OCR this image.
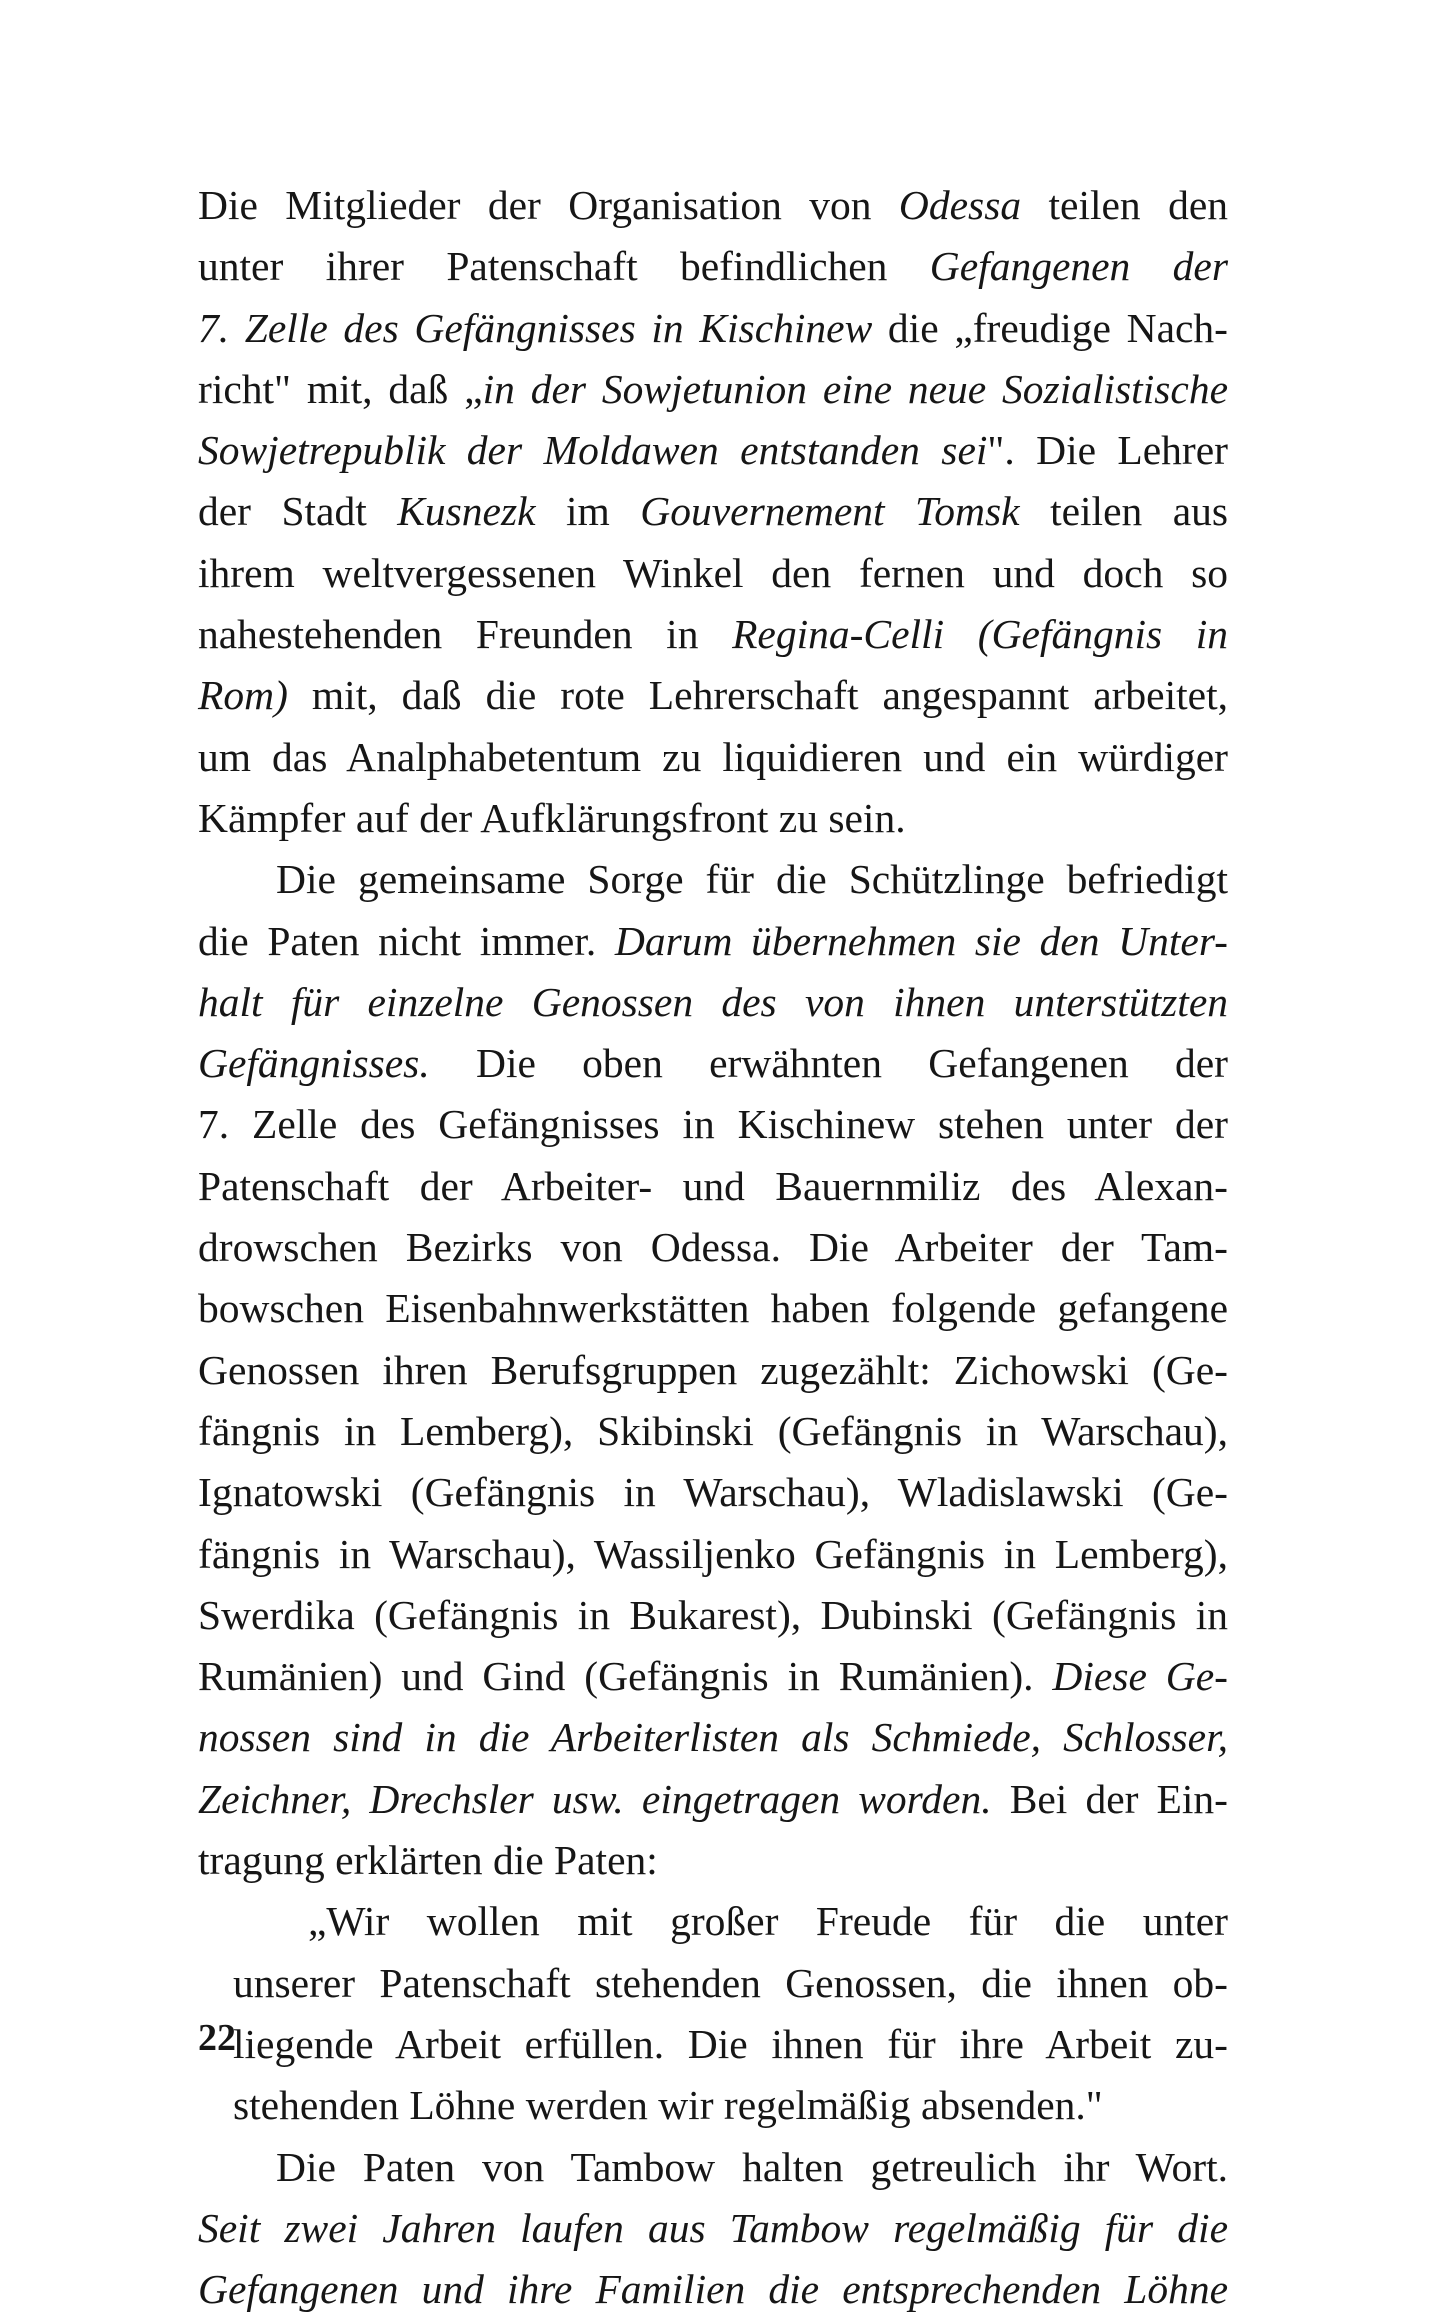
Die Mitglieder der Organisation von Odessa teilen den
unter ihrer Patenschaft befindlichen Gefangenen der
7. Zelle des Gefängnisses in Kischinew die „freudige Nach-
richt" mit, daß „in der Sowjetunion eine neue Sozialistische
Sowjetrepublik der Moldawen entstanden sei". Die Lehrer
der Stadt Kusnezk im Gouvernement Tomsk teilen aus
ihrem weltvergessenen Winkel den fernen und doch so
nahestehenden Freunden in Regina-Celli (Gefängnis in
Rom) mit, daß die rote Lehrerschaft angespannt arbeitet,
um das Analphabetentum zu liquidieren und ein würdiger
Kämpfer auf der Aufklärungsfront zu sein.
Die gemeinsame Sorge für die Schützlinge befriedigt
die Paten nicht immer. Darum übernehmen sie den Unter-
halt für einzelne Genossen des von ihnen unterstützten
Gefängnisses. Die oben erwähnten Gefangenen der
7. Zelle des Gefängnisses in Kischinew stehen unter der
Patenschaft der Arbeiter- und Bauernmiliz des Alexan-
drowschen Bezirks von Odessa. Die Arbeiter der Tam-
bowschen Eisenbahnwerkstätten haben folgende gefangene
Genossen ihren Berufsgruppen zugezählt: Zichowski (Ge-
fängnis in Lemberg), Skibinski (Gefängnis in Warschau),
Ignatowski (Gefängnis in Warschau), Wladislawski (Ge-
fängnis in Warschau), Wassiljenko Gefängnis in Lemberg),
Swerdika (Gefängnis in Bukarest), Dubinski (Gefängnis in
Rumänien) und Gind (Gefängnis in Rumänien). Diese Ge-
nossen sind in die Arbeiterlisten als Schmiede, Schlosser,
Zeichner, Drechsler usw. eingetragen worden. Bei der Ein-
tragung erklärten die Paten:
„Wir wollen mit großer Freude für die unter
unserer Patenschaft stehenden Genossen, die ihnen ob-
liegende Arbeit erfüllen. Die ihnen für ihre Arbeit zu-
stehenden Löhne werden wir regelmäßig absenden."
Die Paten von Tambow halten getreulich ihr Wort.
Seit zwei Jahren laufen aus Tambow regelmäßig für die
Gefangenen und ihre Familien die entsprechenden Löhne
22
